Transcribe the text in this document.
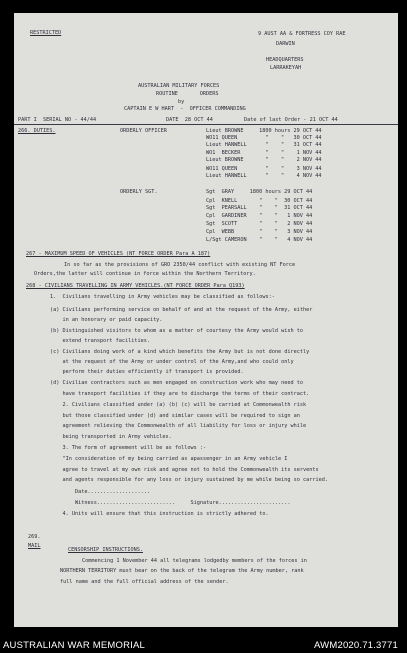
RESTRICTED	9 AUST AA & FORTRESS COY RAE
DARWIN
HEADQUARTERS
LARRAKEYAH
AUSTRALIAN MILITARY FORCES
ROUTINE       ORDERS
by
CAPTAIN E W HART  -  OFFICER COMMANDING
PART I  SERIAL NO - 44/44	DATE  28 OCT 44	Date of last Order - 21 OCT 44
266. DUTIES.	ORDERLY OFFICER	Lieut BROWNE     1800 hours 29 OCT 44
WO11 QUEEN         "    "   30 OCT 44
Lieut HANWELL      "    "   31 OCT 44
WO1  BECKER        "    "    1 NOV 44
Lieut BROWNE       "    "    2 NOV 44
WO11 QUEEN         "    "    3 NOV 44
Lieut HANWELL      "    "    4 NOV 44
ORDERLY SGT.	Sgt  GRAY     1800 hours 29 OCT 44
Cpl  KNELL       "    "  30 OCT 44
Sgt  PEARSALL    "    "  31 OCT 44
Cpl  GARDINER    "    "   1 NOV 44
Sgt  SCOTT       "    "   2 NOV 44
Cpl  WEBB        "    "   3 NOV 44
L/Sgt CAMERON    "    "   4 NOV 44
267 - MAXIMUM SPEED OF VEHICLES (NT FORCE ORDER Para A 187)
In so far as the provisions of GRO 2350/44 conflict with existing NT Force
Orders,the latter will continue in force within the Northern Territory.
268 - CIVILIANS TRAVELLING IN ARMY VEHICLES.(NT FORCE ORDER Para Q193)
1.  Civilians travelling in Army vehicles may be classified as follows:-
(a) Civilians performing service on behalf of and at the request of the Army, either
in an honorary or paid capacity.
(b) Distinguished visitors to whom as a matter of courtesy the Army would wish to
extend transport facilities.
(c) Civilians doing work of a kind which benefits the Army but is not done directly
at the request of the Army or under control of the Army,and who could only
perform their duties efficiently if transport is provided.
(d) Civilian contractors such as men engaged on construction work who may need to
have transport facilities if they are to discharge the terms of their contract.
2. Civilians classified under (a) (b) (c) will be carried at Commonwealth risk
but those classified under (d) and similar cases will be required to sign an
agreement relieving the Commonwealth of all liability for loss or injury while
being transported in Army vehicles.
3. The form of agreement will be as follows :-
"In consideration of my being carried as apassenger in an Army vehicle I
agree to travel at my own risk and agree not to hold the Commonwealth its servents
and agents responsible for any loss or injury sustained by me while being so carried.
Date....................
Witness.........................     Signature.......................
4. Units will ensure that this instruction is strictly adhered to.
269.
MAIL
CENSORSHIP INSTRUCTIONS.
Commencing 1 November 44 all telegrams lodgedby members of the forces in
NORTHERN TERRITORY must bear on the back of the telegram the Army number, rank
full name and the full official address of the sender.
AUSTRALIAN WAR MEMORIAL	AWM2020.71.3771
